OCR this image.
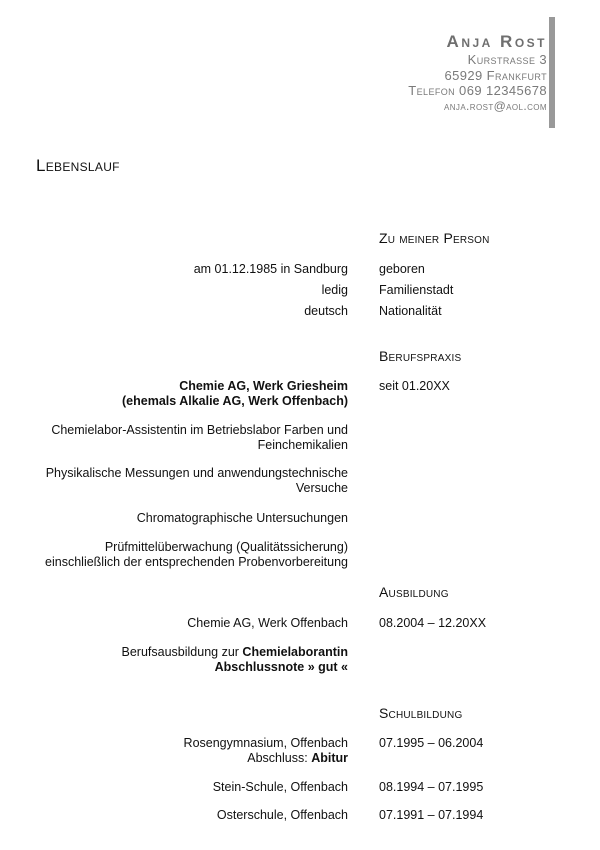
Anja Rost
Kurstrasse 3
65929 Frankfurt
Telefon 069 12345678
anja.rost@aol.com
Lebenslauf
Zu meiner Person
am 01.12.1985 in Sandburg geboren
ledig Familienstadt
deutsch Nationalität
Berufspraxis
Chemie AG, Werk Griesheim
(ehemals Alkalie AG, Werk Offenbach)
seit 01.20XX
Chemielabor-Assistentin im Betriebslabor Farben und
Feinchemikalien
Physikalische Messungen und anwendungstechnische
Versuche
Chromatographische Untersuchungen
Prüfmittelüberwachung (Qualitätssicherung)
einschließlich der entsprechenden Probenvorbereitung
Ausbildung
Chemie AG, Werk Offenbach 08.2004 – 12.20XX
Berufsausbildung zur Chemielaborantin
Abschlussnote » gut «
Schulbildung
Rosengymnasium, Offenbach
Abschluss: Abitur
07.1995 – 06.2004
Stein-Schule, Offenbach 08.1994 – 07.1995
Osterschule, Offenbach 07.1991 – 07.1994
